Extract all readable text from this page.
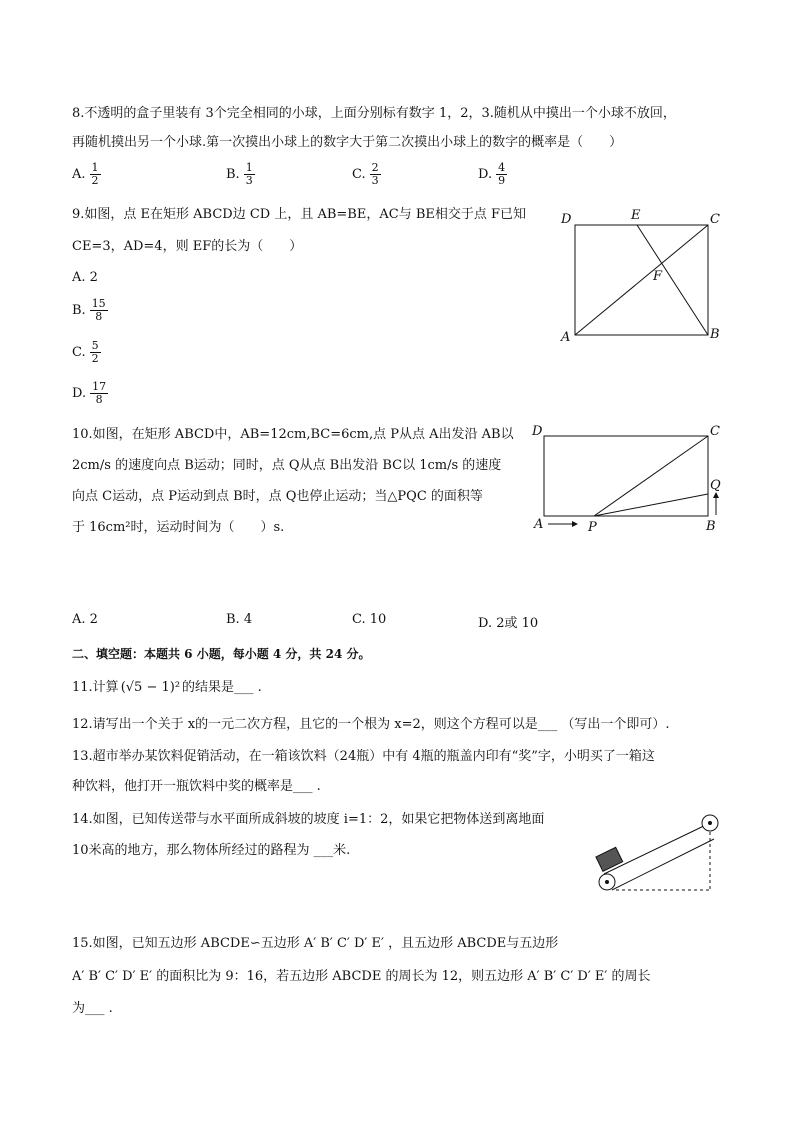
8.不透明的盒子里装有 3个完全相同的小球，上面分别标有数字 1，2，3.随机从中摸出一个小球不放回，
再随机摸出另一个小球.第一次摸出小球上的数字大于第二次摸出小球上的数字的概率是（　　）
A. $\frac{1}{2}$	B. $\frac{1}{3}$	C. $\frac{2}{3}$	D. $\frac{4}{9}$
9.如图，点 E在矩形 ABCD边 CD 上，且 AB=BE，AC与 BE相交于点 F已知
CE=3，AD=4，则 EF的长为（　　）
A. 2
B. $\frac{15}{8}$
C. $\frac{5}{2}$
D. $\frac{17}{8}$
D	E	C
F
A	B
10.如图，在矩形 ABCD中，AB=12cm,BC=6cm,点 P从点 A出发沿 AB以
2cm/s 的速度向点 B运动；同时，点 Q从点 B出发沿 BC以 1cm/s 的速度
向点 C运动，点 P运动到点 B时，点 Q也停止运动；当△PQC 的面积等
于 16cm²时，运动时间为（　　）s.
D	C
Q
A	P	B
A. 2	B. 4	C. 10	D. 2或 10
二、填空题：本题共 6 小题，每小题 4 分，共 24 分。
11.计算 (√5 − 1)² 的结果是___ .
12.请写出一个关于 x的一元二次方程，且它的一个根为 x=2，则这个方程可以是___ （写出一个即可）.
13.超市举办某饮料促销活动，在一箱该饮料（24瓶）中有 4瓶的瓶盖内印有“奖”字，小明买了一箱这
种饮料，他打开一瓶饮料中奖的概率是___ .
14.如图，已知传送带与水平面所成斜坡的坡度 i=1：2，如果它把物体送到离地面
10米高的地方，那么物体所经过的路程为 ___米.
15.如图，已知五边形 ABCDE∽五边形 A′ B′ C′ D′ E′ ，且五边形 ABCDE与五边形
A′ B′ C′ D′ E′ 的面积比为 9：16，若五边形 ABCDE 的周长为 12，则五边形 A′ B′ C′ D′ E′ 的周长
为___ .
